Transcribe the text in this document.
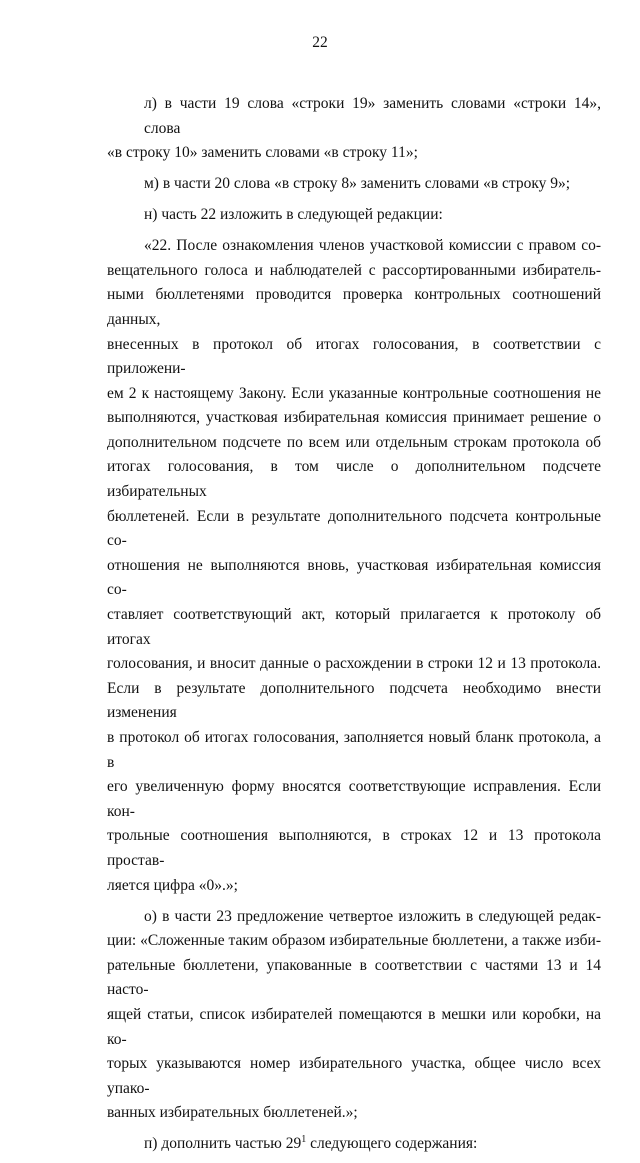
22

л) в части 19 слова «строки 19» заменить словами «строки 14», слова
«в строку 10» заменить словами «в строку 11»;

м) в части 20 слова «в строку 8» заменить словами «в строку 9»;

н) часть 22 изложить в следующей редакции:

«22. После ознакомления членов участковой комиссии с правом со-
вещательного голоса и наблюдателей с рассортированными избиратель-
ными бюллетенями проводится проверка контрольных соотношений данных,
внесенных в протокол об итогах голосования, в соответствии с приложени-
ем 2 к настоящему Закону. Если указанные контрольные соотношения не
выполняются, участковая избирательная комиссия принимает решение о
дополнительном подсчете по всем или отдельным строкам протокола об
итогах голосования, в том числе о дополнительном подсчете избирательных
бюллетеней. Если в результате дополнительного подсчета контрольные со-
отношения не выполняются вновь, участковая избирательная комиссия со-
ставляет соответствующий акт, который прилагается к протоколу об итогах
голосования, и вносит данные о расхождении в строки 12 и 13 протокола.
Если в результате дополнительного подсчета необходимо внести изменения
в протокол об итогах голосования, заполняется новый бланк протокола, а в
его увеличенную форму вносятся соответствующие исправления. Если кон-
трольные соотношения выполняются, в строках 12 и 13 протокола простав-
ляется цифра «0».»;

о) в части 23 предложение четвертое изложить в следующей редак-
ции: «Сложенные таким образом избирательные бюллетени, а также изби-
рательные бюллетени, упакованные в соответствии с частями 13 и 14 насто-
ящей статьи, список избирателей помещаются в мешки или коробки, на ко-
торых указываются номер избирательного участка, общее число всех упако-
ванных избирательных бюллетеней.»;

п) дополнить частью $29^1$ следующего содержания:
